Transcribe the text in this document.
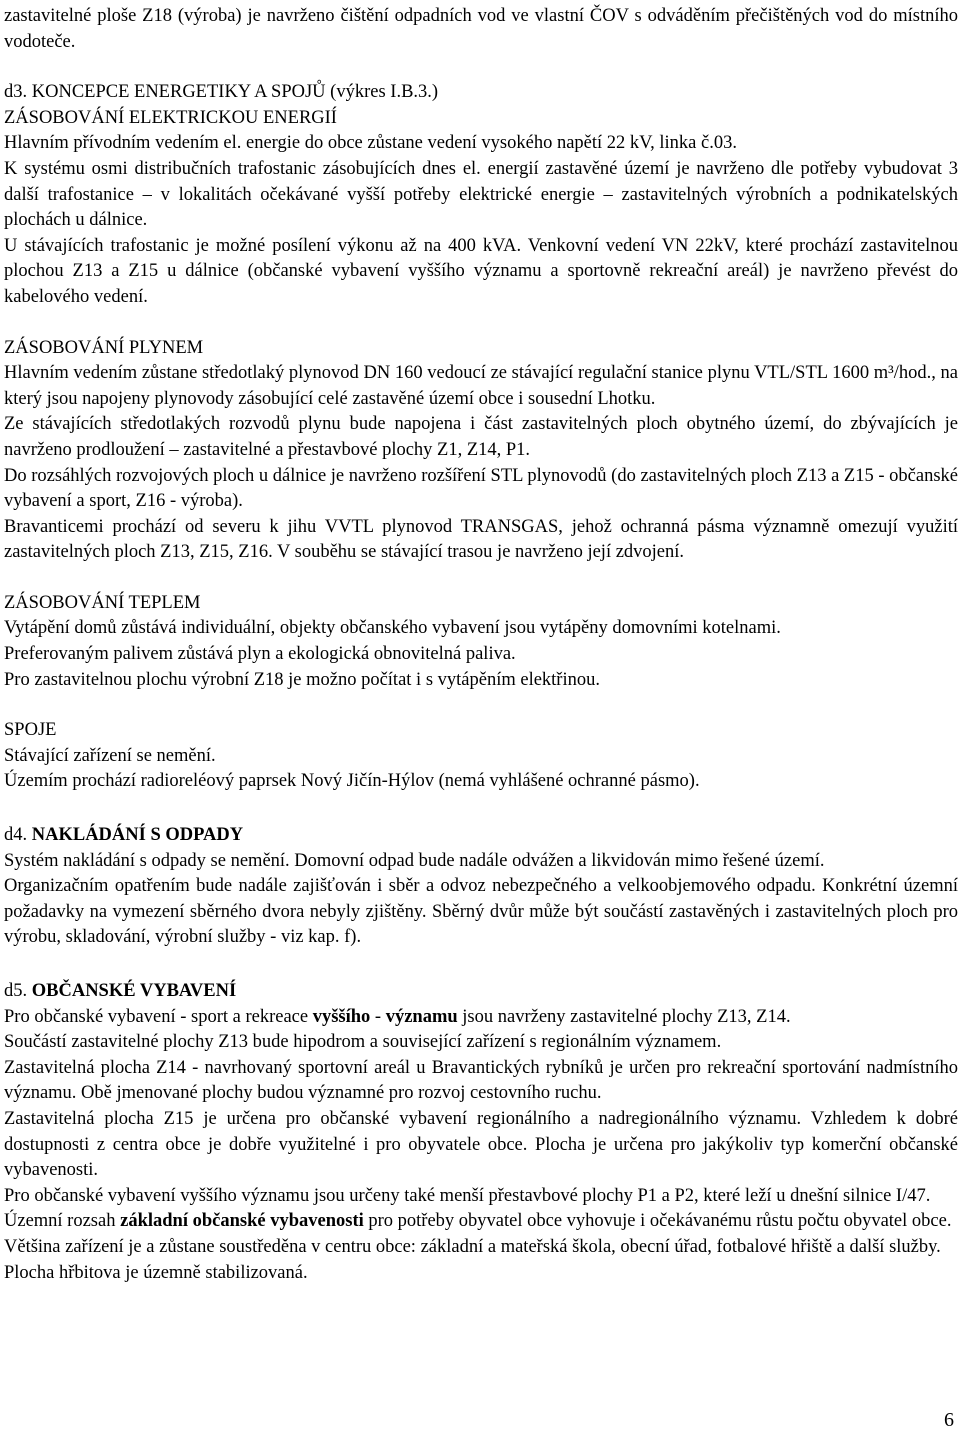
zastavitelné ploše Z18 (výroba) je navrženo čištění odpadních vod ve vlastní ČOV s odváděním přečištěných vod do místního vodoteče.

d3. KONCEPCE ENERGETIKY A SPOJŮ (výkres I.B.3.)

ZÁSOBOVÁNÍ ELEKTRICKOU ENERGIÍ

Hlavním přívodním vedením el. energie do obce zůstane vedení vysokého napětí 22 kV, linka č.03.

K systému osmi distribučních trafostanic zásobujících dnes el. energií zastavěné území je navrženo dle potřeby vybudovat 3 další trafostanice – v lokalitách očekávané vyšší potřeby elektrické energie – zastavitelných výrobních a podnikatelských plochách u dálnice.

U stávajících trafostanic je možné posílení výkonu až na 400 kVA. Venkovní vedení VN 22kV, které prochází zastavitelnou plochou Z13 a Z15 u dálnice (občanské vybavení vyššího významu a sportovně rekreační areál) je navrženo převést do kabelového vedení.

ZÁSOBOVÁNÍ PLYNEM

Hlavním vedením zůstane středotlaký plynovod DN 160 vedoucí ze stávající regulační stanice plynu VTL/STL 1600 m³/hod., na který jsou napojeny plynovody zásobující celé zastavěné území obce i sousední Lhotku.

Ze stávajících středotlakých rozvodů plynu bude napojena i část zastavitelných ploch obytného území, do zbývajících je navrženo prodloužení – zastavitelné a přestavbové plochy Z1, Z14, P1.

Do rozsáhlých rozvojových ploch u dálnice je navrženo rozšíření STL plynovodů (do zastavitelných ploch Z13 a Z15 - občanské vybavení a sport, Z16 - výroba).

Bravanticemi prochází od severu k jihu VVTL plynovod TRANSGAS, jehož ochranná pásma významně omezují využití zastavitelných ploch Z13, Z15, Z16. V souběhu se stávající trasou je navrženo její zdvojení.

ZÁSOBOVÁNÍ TEPLEM

Vytápění domů zůstává individuální, objekty občanského vybavení jsou vytápěny domovními kotelnami.

Preferovaným palivem zůstává plyn a ekologická obnovitelná paliva.

Pro zastavitelnou plochu výrobní Z18 je možno počítat i s vytápěním elektřinou.

SPOJE

Stávající zařízení se nemění.

Územím prochází radioreléový paprsek Nový Jičín-Hýlov (nemá vyhlášené ochranné pásmo).

d4. NAKLÁDÁNÍ S ODPADY

Systém nakládání s odpady se nemění. Domovní odpad bude nadále odvážen a likvidován mimo řešené území.

Organizačním opatřením bude nadále zajišťován i sběr a odvoz nebezpečného a velkoobjemového odpadu. Konkrétní územní požadavky na vymezení sběrného dvora nebyly zjištěny. Sběrný dvůr může být součástí zastavěných i zastavitelných ploch pro výrobu, skladování, výrobní služby - viz kap. f).

d5. OBČANSKÉ VYBAVENÍ

Pro občanské vybavení - sport a rekreace vyššího - významu jsou navrženy zastavitelné plochy Z13, Z14.

Součástí zastavitelné plochy Z13 bude hipodrom a související zařízení s regionálním významem.

Zastavitelná plocha Z14 - navrhovaný sportovní areál u Bravantických rybníků je určen pro rekreační sportování nadmístního významu. Obě jmenované plochy budou významné pro rozvoj cestovního ruchu.

Zastavitelná plocha Z15 je určena pro občanské vybavení regionálního a nadregionálního významu. Vzhledem k dobré dostupnosti z centra obce je dobře využitelné i pro obyvatele obce. Plocha je určena pro jakýkoliv typ komerční občanské vybavenosti.

Pro občanské vybavení vyššího významu jsou určeny také menší přestavbové plochy P1 a P2, které leží u dnešní silnice I/47.

Územní rozsah základní občanské vybavenosti pro potřeby obyvatel obce vyhovuje i očekávanému růstu počtu obyvatel obce.

Většina zařízení je a zůstane soustředěna v centru obce: základní a mateřská škola, obecní úřad, fotbalové hřiště a další služby.

Plocha hřbitova je územně stabilizovaná.

6
